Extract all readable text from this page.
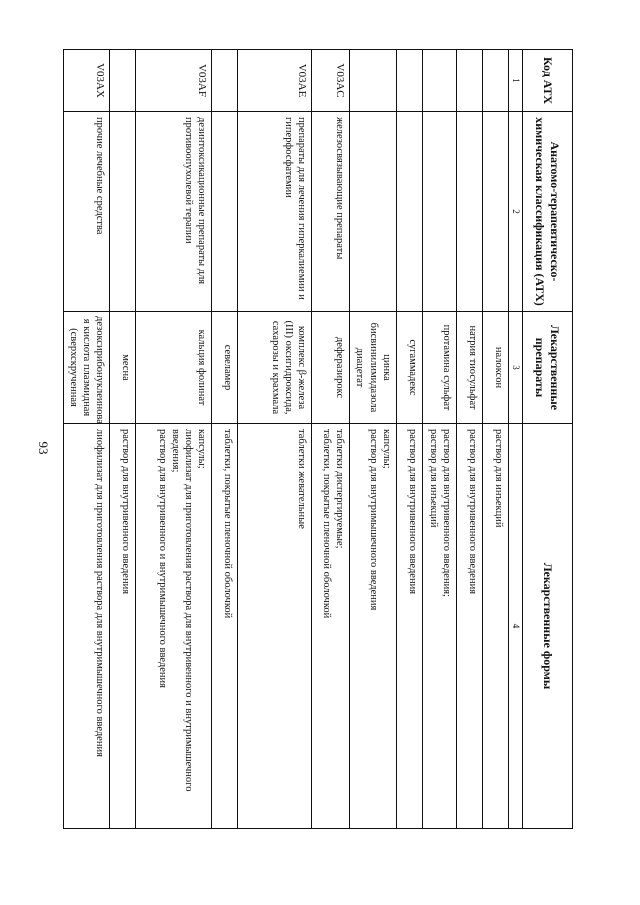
93
Код АТХ	Анатомо-терапевтическо-химическая классификация (АТХ)	Лекарственные препараты	Лекарственные формы
1	2	3	4
		налоксон	раствор для инъекций
		натрия тиосульфат	раствор для внутривенного введения
		протамина сульфат	раствор для внутривенного введения;
раствор для инъекций
		сугаммадекс	раствор для внутривенного введения
		цинка бисвинилимидазола диацетат	капсулы;
раствор для внутримышечного введения
V03AC	железосвязывающие препараты	деферазирокс	таблетки диспергируемые;
таблетки, покрытые пленочной оболочкой
V03AE	препараты для лечения гиперкалиемии и гиперфосфатемии	комплекс β-железа (III) оксигидроксида, сахарозы и крахмала	таблетки жевательные
		севеламер	таблетки, покрытые пленочной оболочкой
V03AF	дезинтоксикационные препараты для противоопухолевой терапии	кальция фолинат	капсулы;
лиофилизат для приготовления раствора для внутривенного и внутримышечного введения;
раствор для внутривенного и внутримышечного введения
		месна	раствор для внутривенного введения
V03AX	прочие лечебные средства	дезоксирибонуклеинова я кислота плазмидная (сверхскрученная	лиофилизат для приготовления раствора для внутримышечного введения
